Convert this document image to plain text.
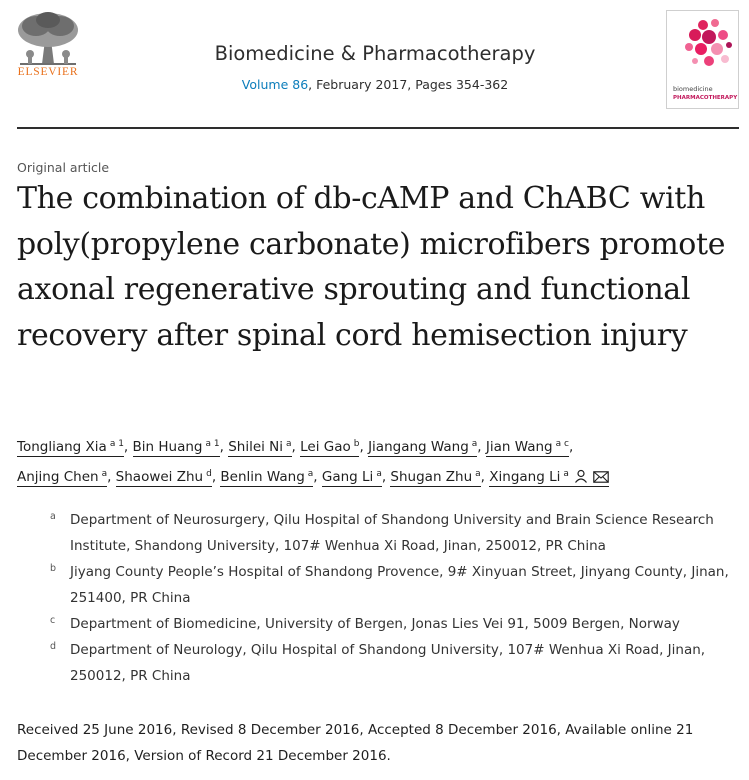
ELSEVIER
Biomedicine & Pharmacotherapy
Volume 86, February 2017, Pages 354-362	biomedicine
PHARMACOTHERAPY
Original article
The combination of db-cAMP and ChABC with poly(propylene carbonate) microfibers promote axonal regenerative sprouting and functional recovery after spinal cord hemisection injury
Tongliang Xia $^{a 1}$, Bin Huang $^{a 1}$, Shilei Ni $^a$, Lei Gao $^b$, Jiangang Wang $^a$, Jian Wang $^{a c}$,
Anjing Chen $^a$, Shaowei Zhu $^d$, Benlin Wang $^a$, Gang Li $^a$, Shugan Zhu $^a$, Xingang Li $^a$
a Department of Neurosurgery, Qilu Hospital of Shandong University and Brain Science Research Institute, Shandong University, 107# Wenhua Xi Road, Jinan, 250012, PR China
b Jiyang County People’s Hospital of Shandong Provence, 9# Xinyuan Street, Jinyang County, Jinan, 251400, PR China
c Department of Biomedicine, University of Bergen, Jonas Lies Vei 91, 5009 Bergen, Norway
d Department of Neurology, Qilu Hospital of Shandong University, 107# Wenhua Xi Road, Jinan, 250012, PR China
Received 25 June 2016, Revised 8 December 2016, Accepted 8 December 2016, Available online 21 December 2016, Version of Record 21 December 2016.
